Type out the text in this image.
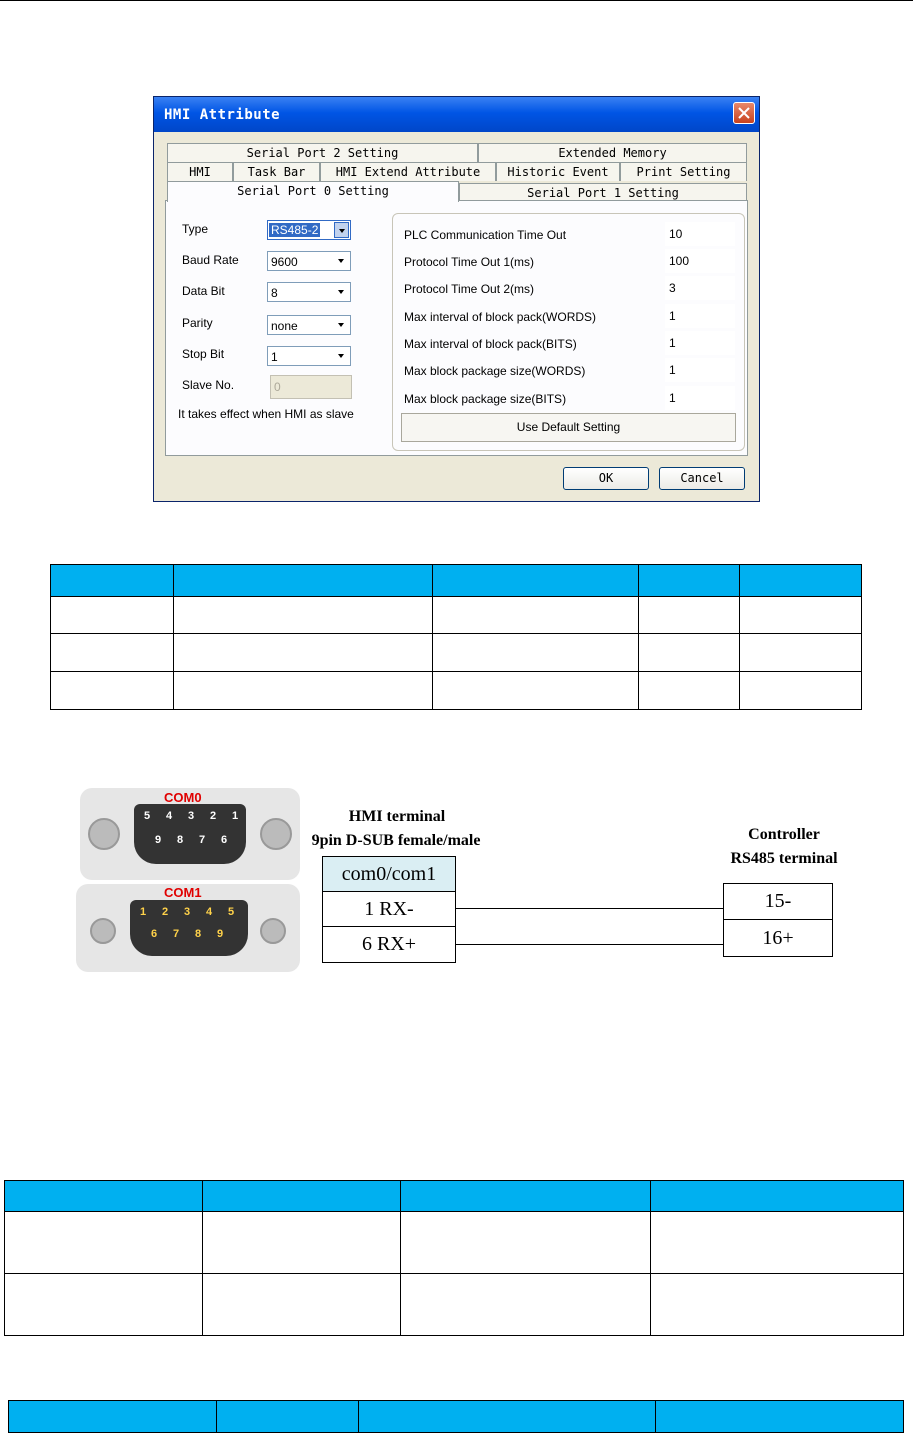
HMI Attribute
Serial Port 2 Setting	Extended Memory
HMI	Task Bar	HMI Extend Attribute	Historic Event	Print Setting
Serial Port 0 Setting	Serial Port 1 Setting
Type	RS485-2
Baud Rate	9600
Data Bit	8
Parity	none
Stop Bit	1
Slave No.	0
It takes effect when HMI as slave
PLC Communication Time Out	10
Protocol Time Out 1(ms)	100
Protocol Time Out 2(ms)	3
Max interval of block pack(WORDS)	1
Max interval of block pack(BITS)	1
Max block package size(WORDS)	1
Max block package size(BITS)	1
Use Default Setting
OK	Cancel

COM0
5 4 3 2 1
9 8 7 6
COM1
1 2 3 4 5
6 7 8 9
HMI terminal
9pin D-SUB female/male
com0/com1
1 RX-
6 RX+
Controller
RS485 terminal
15-
16+
